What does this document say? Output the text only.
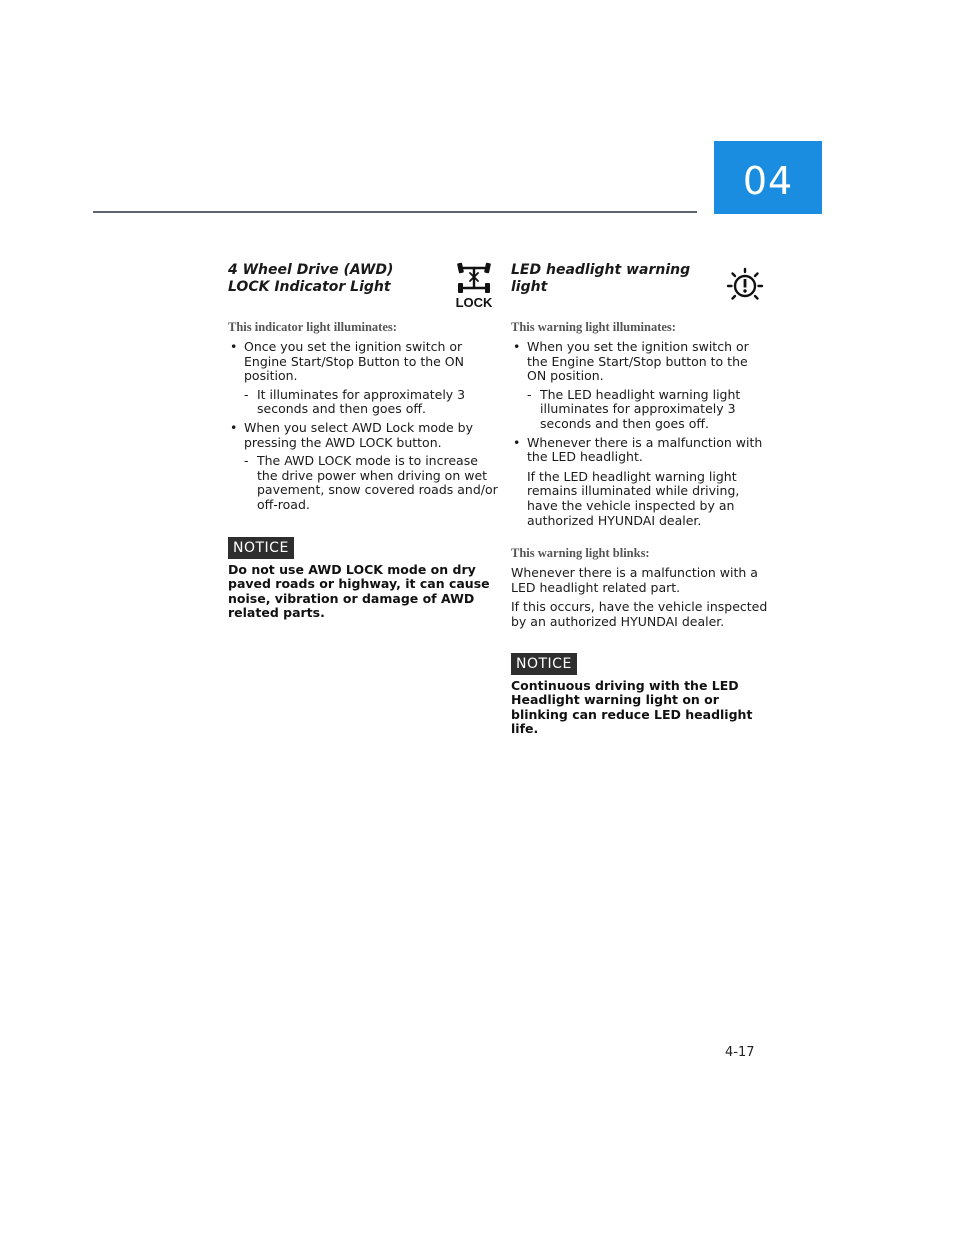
04
4 Wheel Drive (AWD) LOCK Indicator Light
LOCK

This indicator light illuminates:

• Once you set the ignition switch or Engine Start/Stop Button to the ON position.
- It illuminates for approximately 3 seconds and then goes off.
• When you select AWD Lock mode by pressing the AWD LOCK button.
- The AWD LOCK mode is to increase the drive power when driving on wet pavement, snow covered roads and/or off-road.
NOTICE

Do not use AWD LOCK mode on dry paved roads or highway, it can cause noise, vibration or damage of AWD related parts.

LED headlight warning light

This warning light illuminates:

• When you set the ignition switch or the Engine Start/Stop button to the ON position.
- The LED headlight warning light illuminates for approximately 3 seconds and then goes off.
• Whenever there is a malfunction with the LED headlight.

If the LED headlight warning light remains illuminated while driving, have the vehicle inspected by an authorized HYUNDAI dealer.

This warning light blinks:

Whenever there is a malfunction with a LED headlight related part.

If this occurs, have the vehicle inspected by an authorized HYUNDAI dealer.

NOTICE

Continuous driving with the LED Headlight warning light on or blinking can reduce LED headlight life.

4-17
